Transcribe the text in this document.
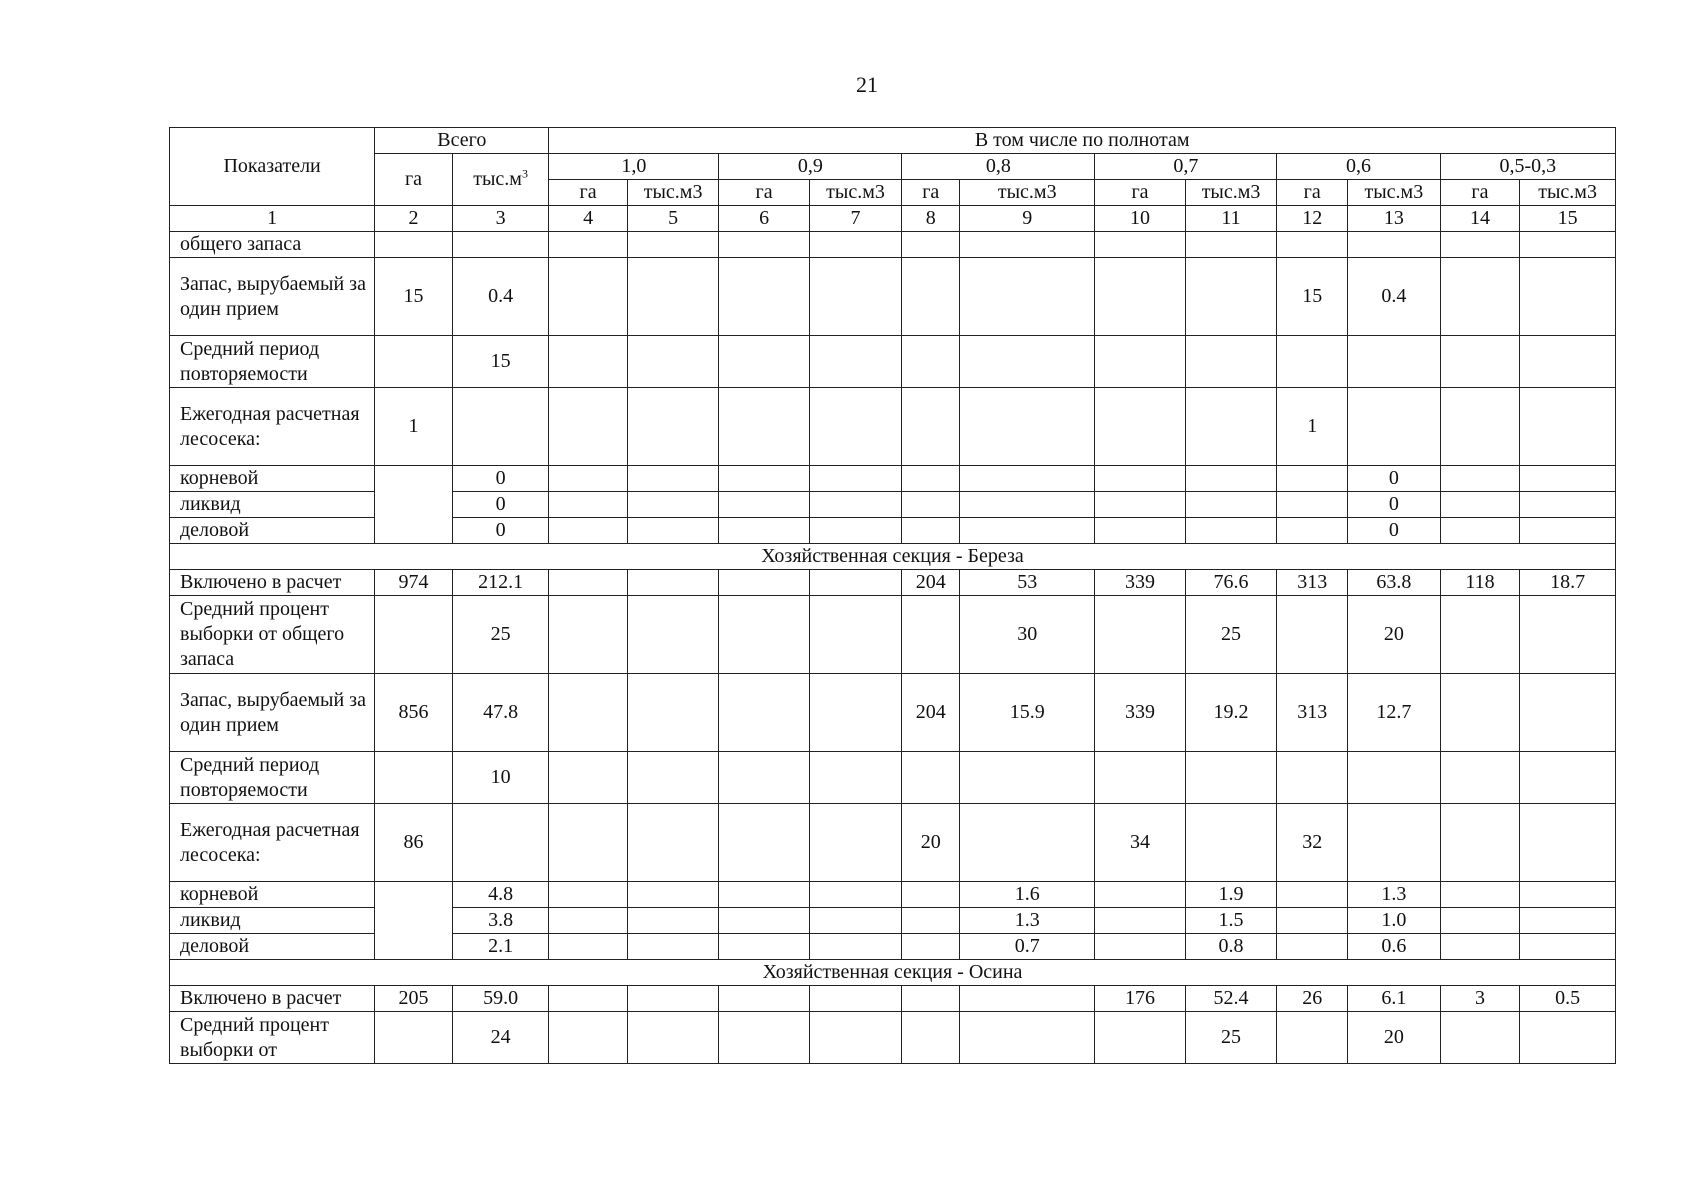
21
Показатели	Всего		В том числе по полнотам											
	га	$тыс.м^3$	1,0		0,9		0,8		0,7		0,6		0,5-0,3	
			га	тыс.м3	га	тыс.м3	га	тыс.м3	га	тыс.м3	га	тыс.м3	га	тыс.м3
1	2	3	4	5	6	7	8	9	10	11	12	13	14	15
общего запаса														
Запас, вырубаемый за один прием	15	0.4									15	0.4		
Средний период повторяемости		15												
Ежегодная расчетная лесосека:	1										1			
корневой		0										0		
ликвид		0										0		
деловой		0										0		
Хозяйственная секция - Береза														
Включено в расчет	974	212.1					204	53	339	76.6	313	63.8	118	18.7
Средний процент выборки от общего запаса		25						30		25		20		
Запас, вырубаемый за один прием	856	47.8					204	15.9	339	19.2	313	12.7		
Средний период повторяемости		10												
Ежегодная расчетная лесосека:	86						20		34		32			
корневой		4.8						1.6		1.9		1.3		
ликвид		3.8						1.3		1.5		1.0		
деловой		2.1						0.7		0.8		0.6		
Хозяйственная секция - Осина														
Включено в расчет	205	59.0							176	52.4	26	6.1	3	0.5
Средний процент выборки от		24								25		20		
